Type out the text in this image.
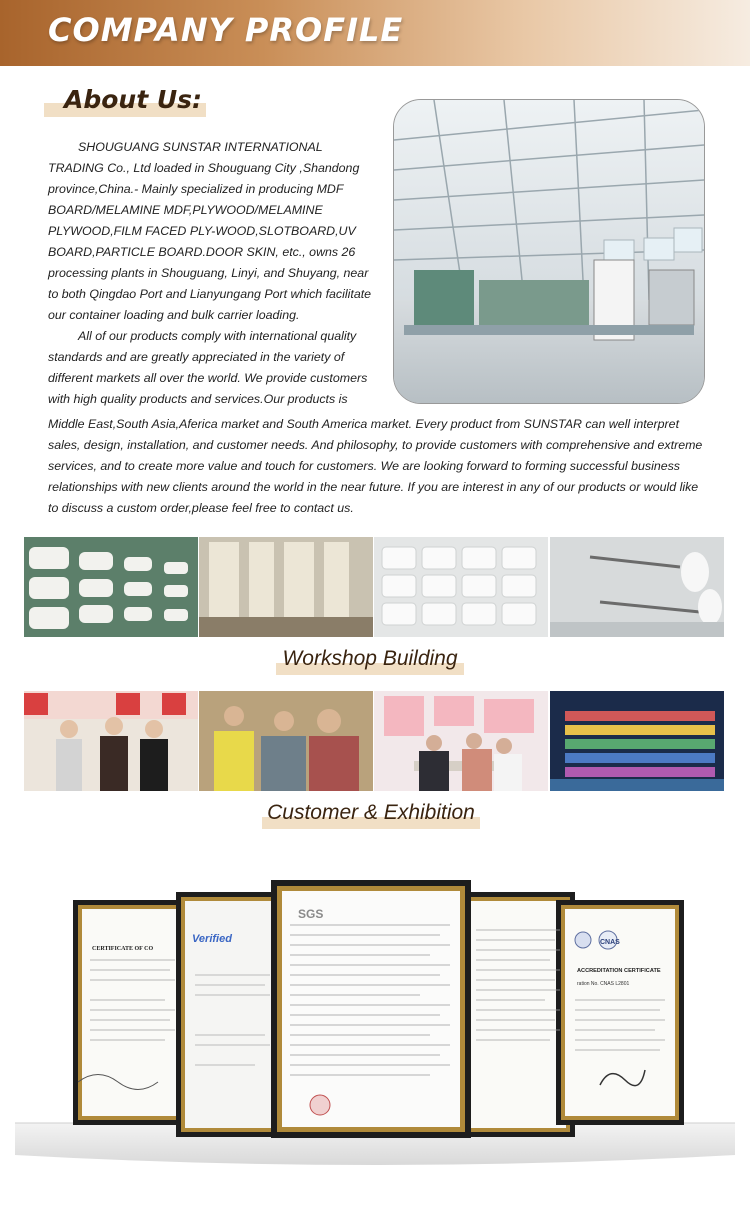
COMPANY PROFILE
About Us:

SHOUGUANG SUNSTAR INTERNATIONAL TRADING Co., Ltd loaded in Shouguang City ,Shandong province,China.- Mainly specialized in producing MDF BOARD/MELAMINE MDF,PLYWOOD/MELAMINE PLYWOOD,FILM FACED PLY-WOOD,SLOTBOARD,UV BOARD,PARTICLE BOARD.DOOR SKIN, etc., owns 26 processing plants in Shouguang, Linyi, and Shuyang, near to both Qingdao Port and Lianyungang Port which facilitate our container loading and bulk carrier loading.

All of our products comply with international quality standards and are greatly appreciated in the variety of different markets all over the world. We provide customers with high quality products and services.Our products is

Middle East,South Asia,Aferica market and South America market. Every product from SUNSTAR can well interpret sales, design, installation, and customer needs. And philosophy, to provide customers with comprehensive and extreme services, and to create more value and touch for customers. We are looking forward to forming successful business relationships with new clients around the world in the near future. If you are interest in any of our products or would like to discuss a custom order,please feel free to contact us.

Workshop Building
Customer & Exhibition
CERTIFICATE OF CO
Verified
SGS
CNAS
ACCREDITATION CERTIFICATE
ration No. CNAS L2801
